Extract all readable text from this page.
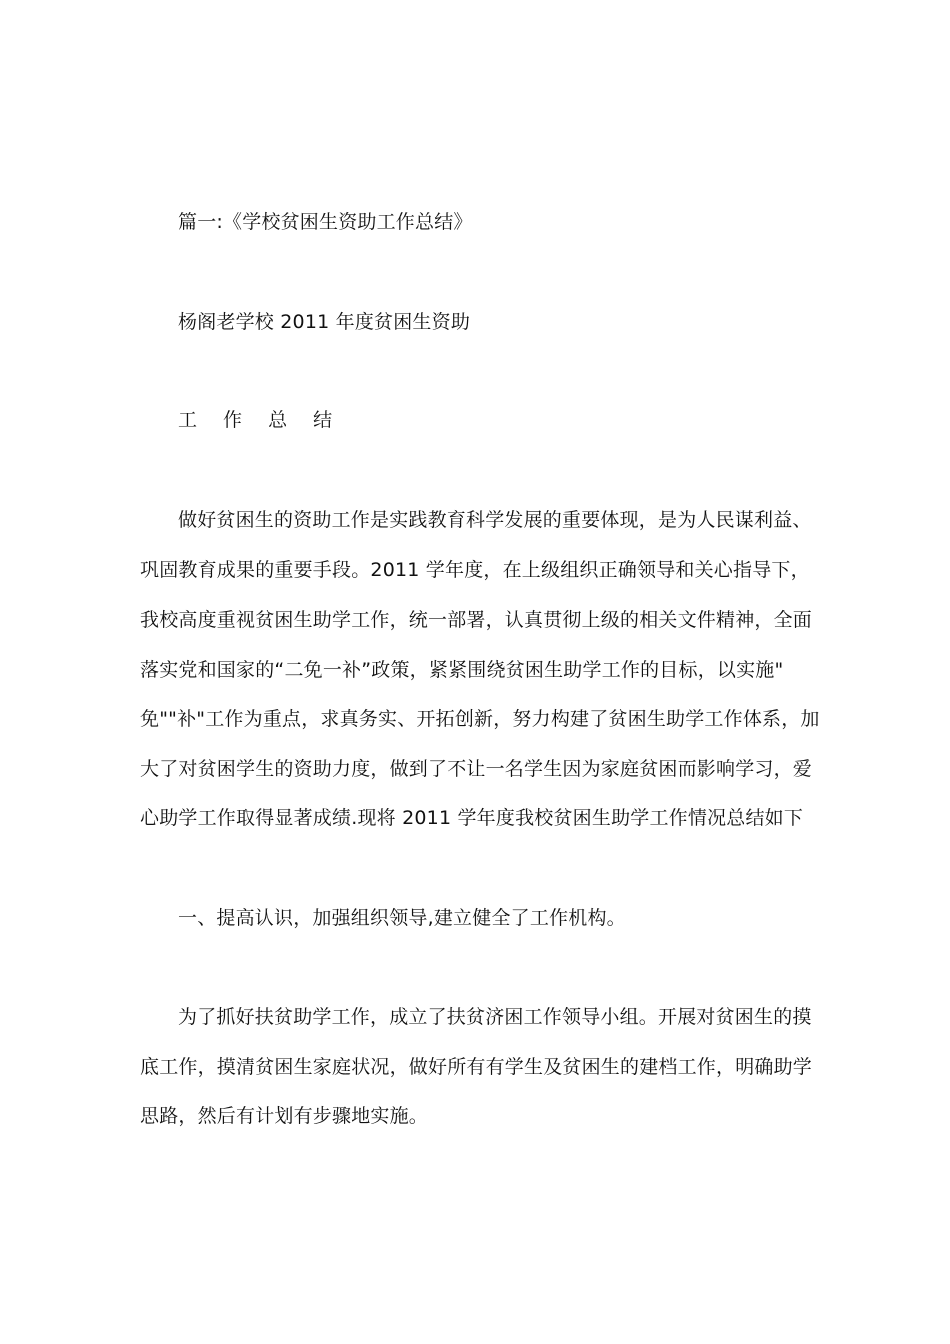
篇一:《学校贫困生资助工作总结》
杨阁老学校 2011 年度贫困生资助
工 作 总 结
做好贫困生的资助工作是实践教育科学发展的重要体现，是为人民谋利益、
巩固教育成果的重要手段。2011 学年度，在上级组织正确领导和关心指导下，
我校高度重视贫困生助学工作，统一部署，认真贯彻上级的相关文件精神，全面
落实党和国家的“二免一补”政策，紧紧围绕贫困生助学工作的目标，以实施"
免""补"工作为重点，求真务实、开拓创新，努力构建了贫困生助学工作体系，加
大了对贫困学生的资助力度，做到了不让一名学生因为家庭贫困而影响学习，爱
心助学工作取得显著成绩.现将 2011 学年度我校贫困生助学工作情况总结如下
一、提高认识，加强组织领导,建立健全了工作机构。
为了抓好扶贫助学工作，成立了扶贫济困工作领导小组。开展对贫困生的摸
底工作，摸清贫困生家庭状况，做好所有有学生及贫困生的建档工作，明确助学
思路，然后有计划有步骤地实施。
